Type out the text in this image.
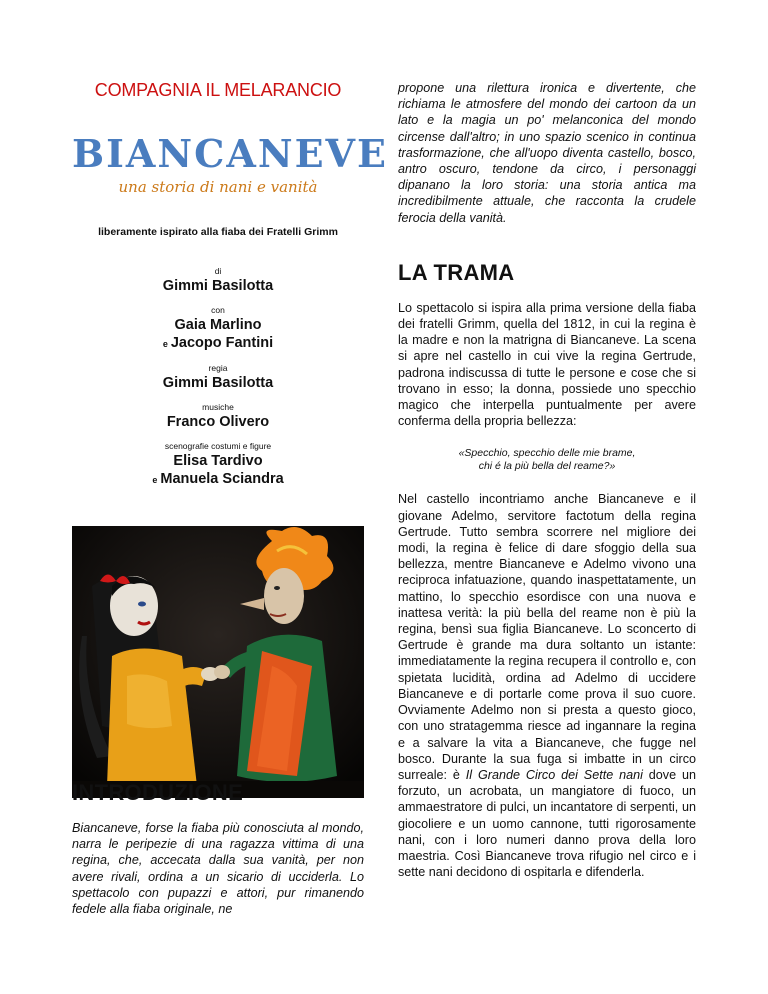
COMPAGNIA IL MELARANCIO

BIANCANEVE

una storia di nani e vanità

liberamente ispirato alla fiaba dei Fratelli Grimm

di

Gimmi Basilotta

con

Gaia Marlino

e Jacopo Fantini

regia

Gimmi Basilotta

musiche

Franco Olivero

scenografie costumi e figure

Elisa Tardivo

e Manuela Sciandra

INTRODUZIONE

Biancaneve, forse la fiaba più conosciuta al mondo, narra le peripezie di una ragazza vittima di una regina, che, accecata dalla sua vanità, per non avere rivali, ordina a un sicario di ucciderla. Lo spettacolo con pupazzi e attori, pur rimanendo fedele alla fiaba originale, ne

propone una rilettura ironica e divertente, che richiama le atmosfere del mondo dei cartoon da un lato e la magia un po' melanconica del mondo circense dall'altro; in uno spazio scenico in continua trasformazione, che all'uopo diventa castello, bosco, antro oscuro, tendone da circo, i personaggi dipanano la loro storia: una storia antica ma incredibilmente attuale, che racconta la crudele ferocia della vanità.

LA TRAMA

Lo spettacolo si ispira alla prima versione della fiaba dei fratelli Grimm, quella del 1812, in cui la regina è la madre e non la matrigna di Biancaneve. La scena si apre nel castello in cui vive la regina Gertrude, padrona indiscussa di tutte le persone e cose che si trovano in esso; la donna, possiede uno specchio magico che interpella puntualmente per avere conferma della propria bellezza:

«Specchio, specchio delle mie brame,
chi é la più bella del reame?»

Nel castello incontriamo anche Biancaneve e il giovane Adelmo, servitore factotum della regina Gertrude. Tutto sembra scorrere nel migliore dei modi, la regina è felice di dare sfoggio della sua bellezza, mentre Biancaneve e Adelmo vivono una reciproca infatuazione, quando inaspettatamente, un mattino, lo specchio esordisce con una nuova e inattesa verità: la più bella del reame non è più la regina, bensì sua figlia Biancaneve. Lo sconcerto di Gertrude è grande ma dura soltanto un istante: immediatamente la regina recupera il controllo e, con spietata lucidità, ordina ad Adelmo di uccidere Biancaneve e di portarle come prova il suo cuore. Ovviamente Adelmo non si presta a questo gioco, con uno stratagemma riesce ad ingannare la regina e a salvare la vita a Biancaneve, che fugge nel bosco. Durante la sua fuga si imbatte in un circo surreale: è Il Grande Circo dei Sette nani dove un forzuto, un acrobata, un mangiatore di fuoco, un ammaestratore di pulci, un incantatore di serpenti, un giocoliere e un uomo cannone, tutti rigorosamente nani, con i loro numeri danno prova della loro maestria. Così Biancaneve trova rifugio nel circo e i sette nani decidono di ospitarla e difenderla.
